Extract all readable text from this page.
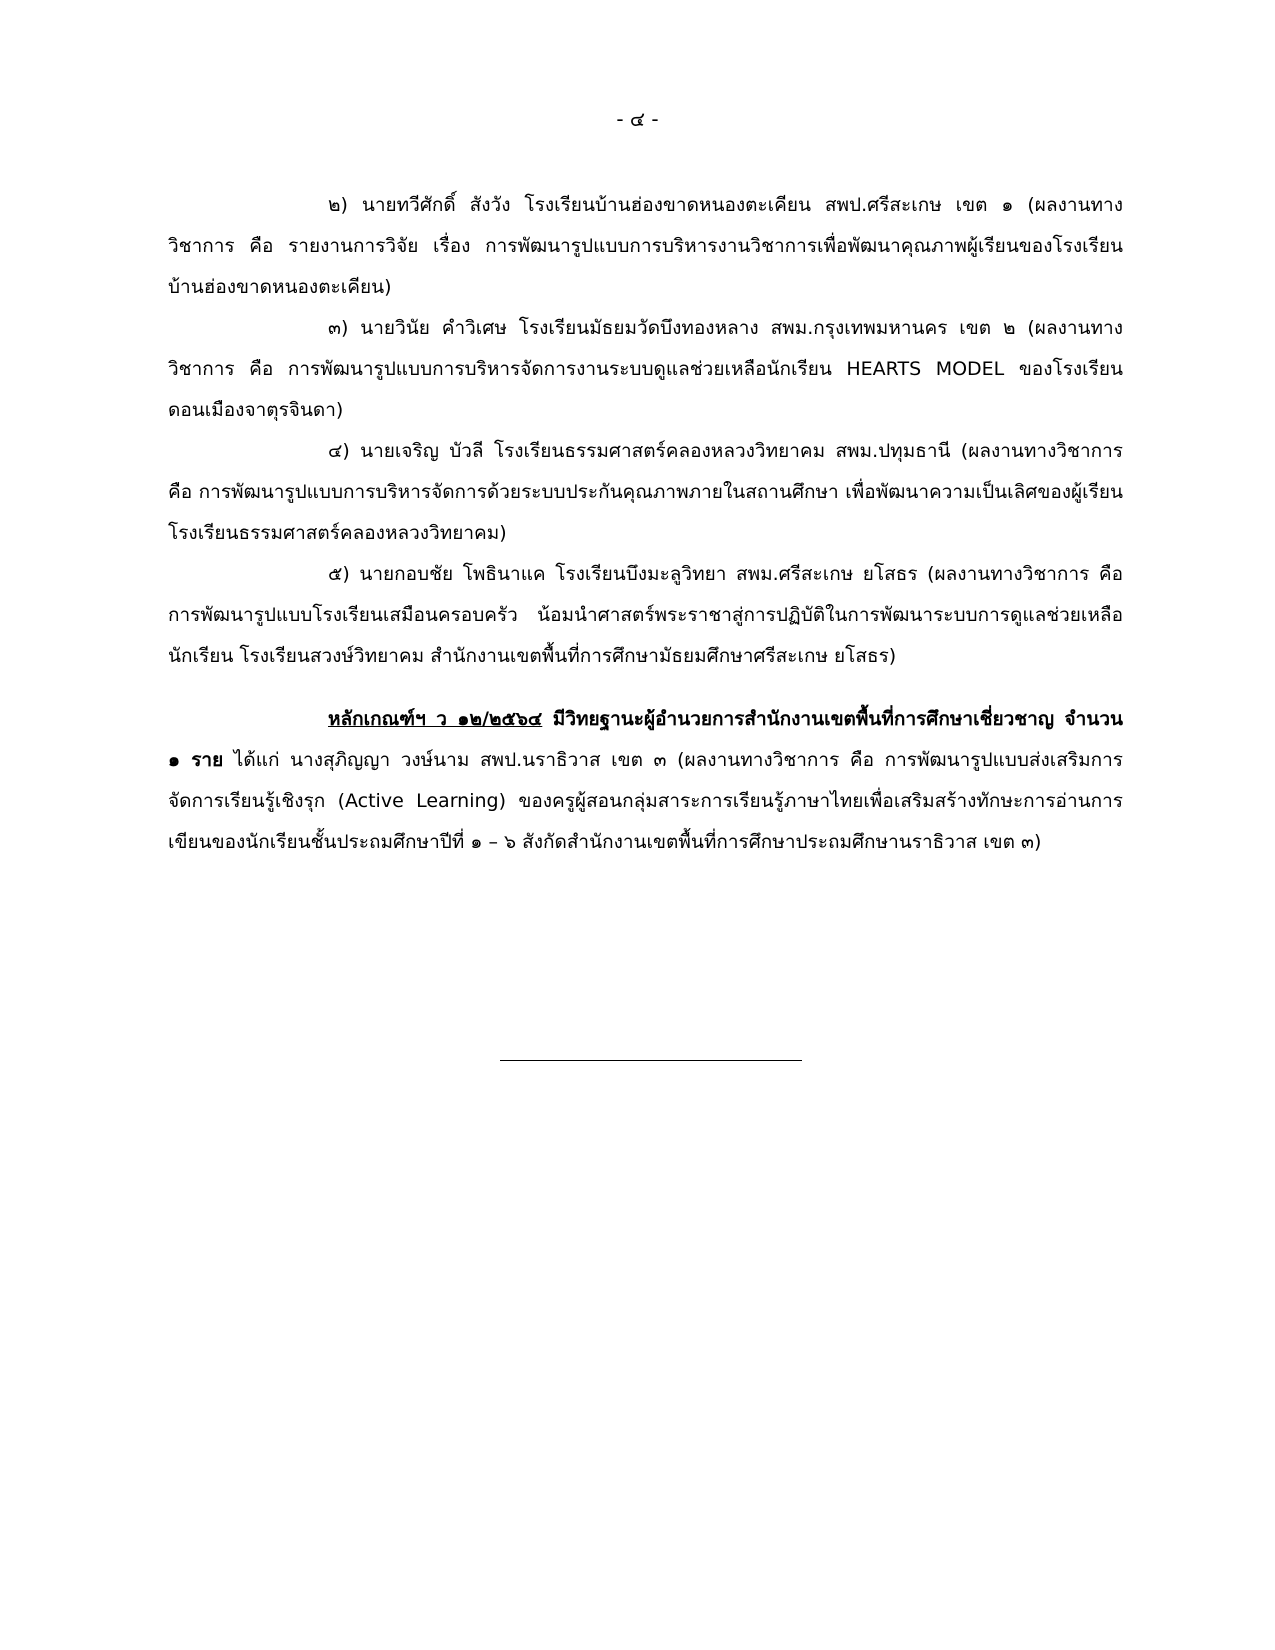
- ๔ -

๒) นายทวีศักดิ์ สังวัง โรงเรียนบ้านฮ่องขาดหนองตะเคียน สพป.ศรีสะเกษ เขต ๑ (ผลงานทางวิชาการ คือ รายงานการวิจัย เรื่อง การพัฒนารูปแบบการบริหารงานวิชาการเพื่อพัฒนาคุณภาพผู้เรียนของโรงเรียนบ้านฮ่องขาดหนองตะเคียน)

๓) นายวินัย คำวิเศษ โรงเรียนมัธยมวัดบึงทองหลาง สพม.กรุงเทพมหานคร เขต ๒ (ผลงานทางวิชาการ คือ การพัฒนารูปแบบการบริหารจัดการงานระบบดูแลช่วยเหลือนักเรียน HEARTS MODEL ของโรงเรียนดอนเมืองจาตุรจินดา)

๔) นายเจริญ บัวลี โรงเรียนธรรมศาสตร์คลองหลวงวิทยาคม สพม.ปทุมธานี (ผลงานทางวิชาการ คือ การพัฒนารูปแบบการบริหารจัดการด้วยระบบประกันคุณภาพภายในสถานศึกษา เพื่อพัฒนาความเป็นเลิศของผู้เรียนโรงเรียนธรรมศาสตร์คลองหลวงวิทยาคม)

๕) นายกอบชัย โพธินาแค โรงเรียนบึงมะลูวิทยา สพม.ศรีสะเกษ ยโสธร (ผลงานทางวิชาการ คือ การพัฒนารูปแบบโรงเรียนเสมือนครอบครัว น้อมนำศาสตร์พระราชาสู่การปฏิบัติในการพัฒนาระบบการดูแลช่วยเหลือนักเรียน โรงเรียนสวงษ์วิทยาคม สำนักงานเขตพื้นที่การศึกษามัธยมศึกษาศรีสะเกษ ยโสธร)

หลักเกณฑ์ฯ ว ๑๒/๒๕๖๔ มีวิทยฐานะผู้อำนวยการสำนักงานเขตพื้นที่การศึกษาเชี่ยวชาญ จำนวน ๑ ราย ได้แก่ นางสุภิญญา วงษ์นาม สพป.นราธิวาส เขต ๓ (ผลงานทางวิชาการ คือ การพัฒนารูปแบบส่งเสริมการจัดการเรียนรู้เชิงรุก (Active Learning) ของครูผู้สอนกลุ่มสาระการเรียนรู้ภาษาไทยเพื่อเสริมสร้างทักษะการอ่านการเขียนของนักเรียนชั้นประถมศึกษาปีที่ ๑ – ๖ สังกัดสำนักงานเขตพื้นที่การศึกษาประถมศึกษานราธิวาส เขต ๓)
